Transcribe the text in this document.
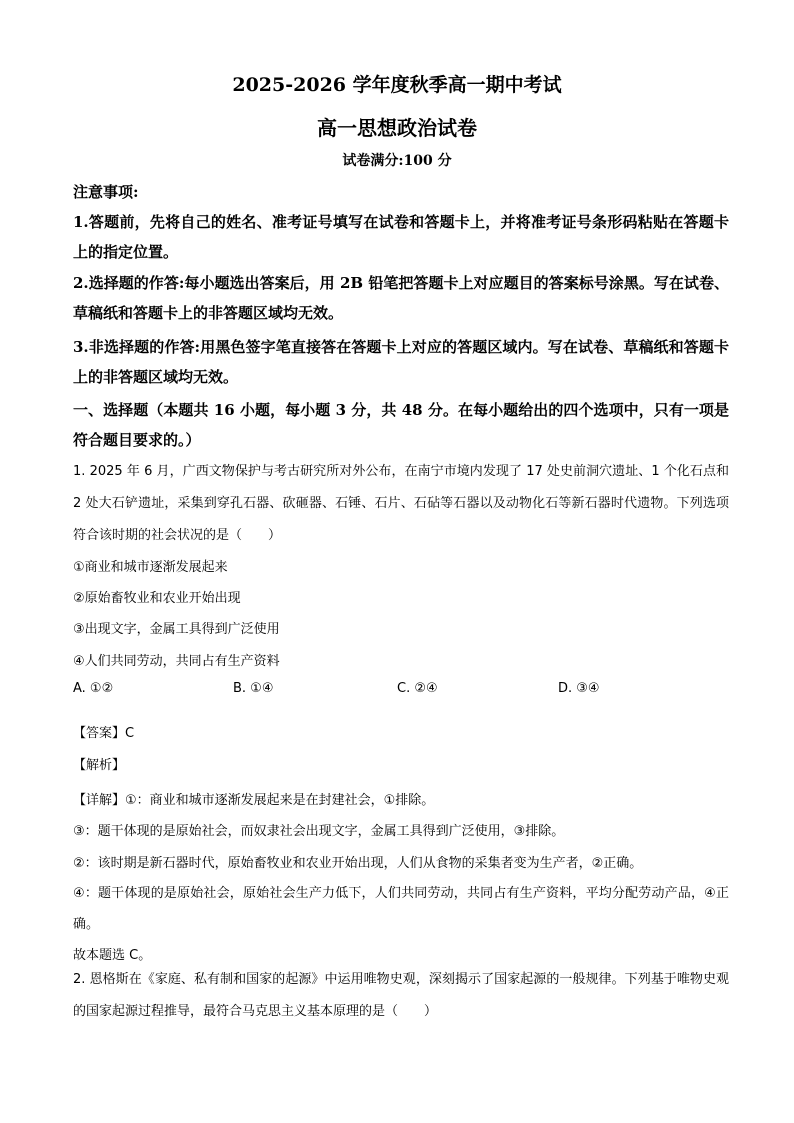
2025-2026 学年度秋季高一期中考试
高一思想政治试卷
试卷满分:100 分
注意事项:
1.答题前，先将自己的姓名、准考证号填写在试卷和答题卡上，并将准考证号条形码粘贴在答题卡上的指定位置。
2.选择题的作答:每小题选出答案后，用 2B 铅笔把答题卡上对应题目的答案标号涂黑。写在试卷、草稿纸和答题卡上的非答题区域均无效。
3.非选择题的作答:用黑色签字笔直接答在答题卡上对应的答题区域内。写在试卷、草稿纸和答题卡上的非答题区域均无效。
一、选择题（本题共 16 小题，每小题 3 分，共 48 分。在每小题给出的四个选项中，只有一项是符合题目要求的。）
1. 2025 年 6 月，广西文物保护与考古研究所对外公布，在南宁市境内发现了 17 处史前洞穴遗址、1 个化石点和 2 处大石铲遗址，采集到穿孔石器、砍砸器、石锤、石片、石砧等石器以及动物化石等新石器时代遗物。下列选项符合该时期的社会状况的是（　　）
①商业和城市逐渐发展起来
②原始畜牧业和农业开始出现
③出现文字，金属工具得到广泛使用
④人们共同劳动，共同占有生产资料
A. ①②	B. ①④	C. ②④	D. ③④
【答案】C
【解析】
【详解】①：商业和城市逐渐发展起来是在封建社会，①排除。
③：题干体现的是原始社会，而奴隶社会出现文字，金属工具得到广泛使用，③排除。
②：该时期是新石器时代，原始畜牧业和农业开始出现，人们从食物的采集者变为生产者，②正确。
④：题干体现的是原始社会，原始社会生产力低下，人们共同劳动，共同占有生产资料，平均分配劳动产品，④正确。
故本题选 C。
2. 恩格斯在《家庭、私有制和国家的起源》中运用唯物史观，深刻揭示了国家起源的一般规律。下列基于唯物史观的国家起源过程推导，最符合马克思主义基本原理的是（　　）
